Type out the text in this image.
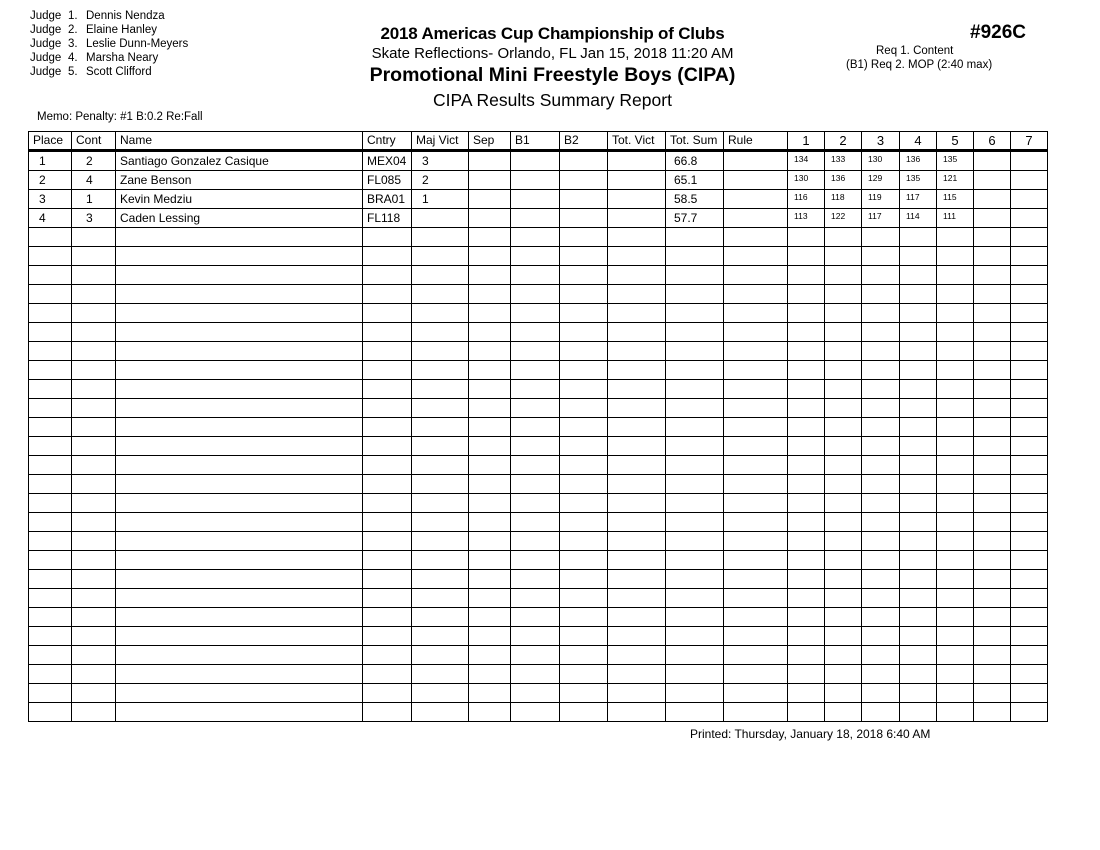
Judge 1. Dennis Nendza
Judge 2. Elaine Hanley
Judge 3. Leslie Dunn-Meyers
Judge 4. Marsha Neary
Judge 5. Scott Clifford
2018 Americas Cup Championship of Clubs
Skate Reflections- Orlando, FL Jan 15, 2018 11:20 AM
Promotional Mini Freestyle Boys (CIPA)
CIPA Results Summary Report
#926C
Req 1. Content
(B1) Req 2. MOP (2:40 max)
Memo: Penalty: #1 B:0.2 Re:Fall
Place	Cont	Name	Cntry	Maj Vict	Sep	B1	B2	Tot. Vict	Tot. Sum	Rule	1	2	3	4	5	6	7
1	2	Santiago Gonzalez Casique	MEX04	3					66.8		134	133	130	136	135		
2	4	Zane Benson	FL085	2					65.1		130	136	129	135	121		
3	1	Kevin Medziu	BRA01	1					58.5		116	118	119	117	115		
4	3	Caden Lessing	FL118						57.7		113	122	117	114	111		

Printed: Thursday, January 18, 2018 6:40 AM
